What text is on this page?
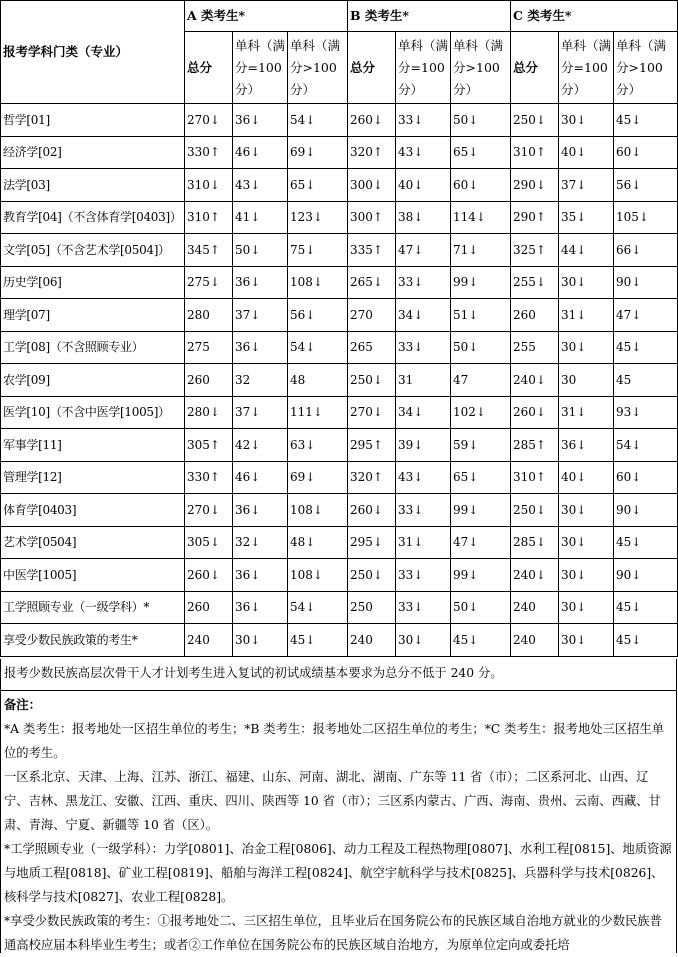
报考学科门类（专业）	A 类考生*			B 类考生*			C 类考生*		
	总分	单科（满分=100分）	单科（满分>100分）	总分	单科（满分=100分）	单科（满分>100分）	总分	单科（满分=100分）	单科（满分>100分）
哲学[01]	270↓	36↓	54↓	260↓	33↓	50↓	250↓	30↓	45↓
经济学[02]	330↑	46↓	69↓	320↑	43↓	65↓	310↑	40↓	60↓
法学[03]	310↓	43↓	65↓	300↓	40↓	60↓	290↓	37↓	56↓
教育学[04]（不含体育学[0403]）	310↑	41↓	123↓	300↑	38↓	114↓	290↑	35↓	105↓
文学[05]（不含艺术学[0504]）	345↑	50↓	75↓	335↑	47↓	71↓	325↑	44↓	66↓
历史学[06]	275↓	36↓	108↓	265↓	33↓	99↓	255↓	30↓	90↓
理学[07]	280	37↓	56↓	270	34↓	51↓	260	31↓	47↓
工学[08]（不含照顾专业）	275	36↓	54↓	265	33↓	50↓	255	30↓	45↓
农学[09]	260	32	48	250↓	31	47	240↓	30	45
医学[10]（不含中医学[1005]）	280↓	37↓	111↓	270↓	34↓	102↓	260↓	31↓	93↓
军事学[11]	305↑	42↓	63↓	295↑	39↓	59↓	285↑	36↓	54↓
管理学[12]	330↑	46↓	69↓	320↑	43↓	65↓	310↑	40↓	60↓
体育学[0403]	270↓	36↓	108↓	260↓	33↓	99↓	250↓	30↓	90↓
艺术学[0504]	305↓	32↓	48↓	295↓	31↓	47↓	285↓	30↓	45↓
中医学[1005]	260↓	36↓	108↓	250↓	33↓	99↓	240↓	30↓	90↓
工学照顾专业（一级学科）*	260	36↓	54↓	250	33↓	50↓	240	30↓	45↓
享受少数民族政策的考生*	240	30↓	45↓	240	30↓	45↓	240	30↓	45↓
报考少数民族高层次骨干人才计划考生进入复试的初试成绩基本要求为总分不低于 240 分。

备注：

*A 类考生：报考地处一区招生单位的考生；*B 类考生：报考地处二区招生单位的考生；*C 类考生：报考地处三区招生单位的考生。

一区系北京、天津、上海、江苏、浙江、福建、山东、河南、湖北、湖南、广东等 11 省（市）；二区系河北、山西、辽宁、吉林、黑龙江、安徽、江西、重庆、四川、陕西等 10 省（市）；三区系内蒙古、广西、海南、贵州、云南、西藏、甘肃、青海、宁夏、新疆等 10 省（区）。

*工学照顾专业（一级学科）：力学[0801]、冶金工程[0806]、动力工程及工程热物理[0807]、水利工程[0815]、地质资源与地质工程[0818]、矿业工程[0819]、船舶与海洋工程[0824]、航空宇航科学与技术[0825]、兵器科学与技术[0826]、核科学与技术[0827]、农业工程[0828]。

*享受少数民族政策的考生：①报考地处二、三区招生单位，且毕业后在国务院公布的民族区域自治地方就业的少数民族普通高校应届本科毕业生考生；或者②工作单位在国务院公布的民族区域自治地方，为原单位定向或委托培
